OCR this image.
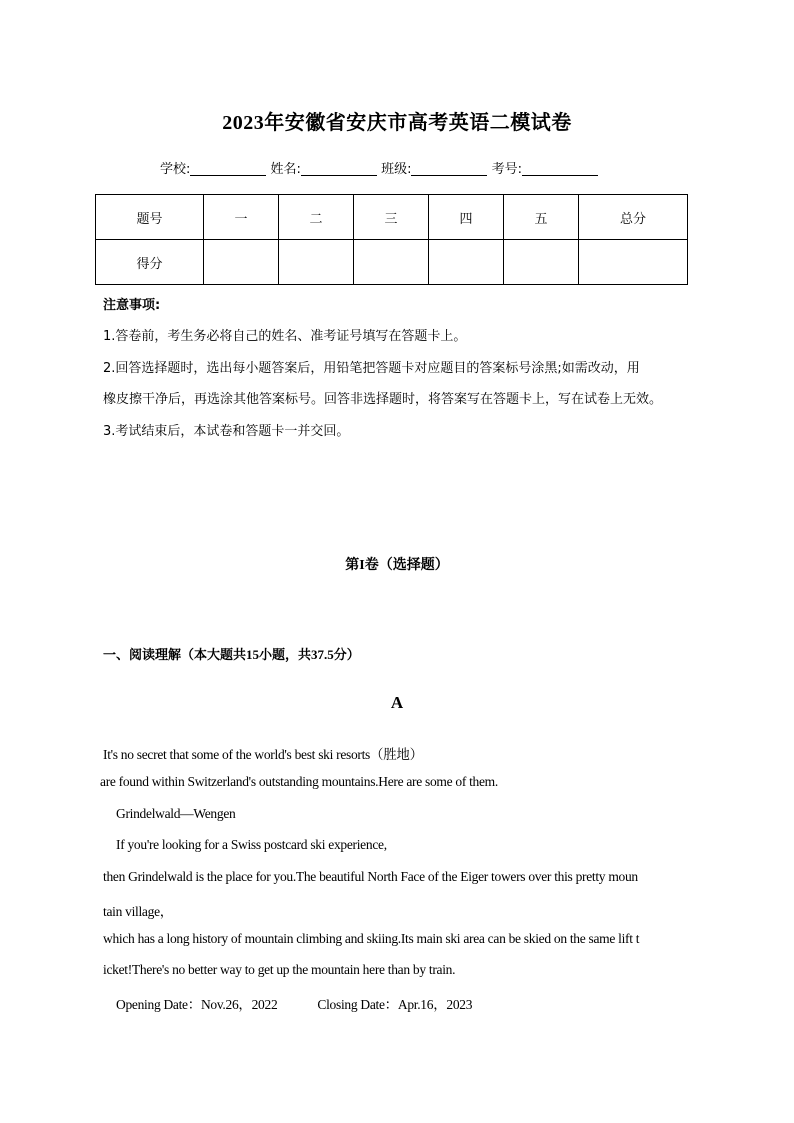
2023年安徽省安庆市高考英语二模试卷
学校:	姓名:	班级:	考号:
题号	一	二	三	四	五	总分
得分						
注意事项:
1.答卷前，考生务必将自己的姓名、准考证号填写在答题卡上。
2.回答选择题时，选出每小题答案后，用铅笔把答题卡对应题目的答案标号涂黑;如需改动，用
橡皮擦干净后，再选涂其他答案标号。回答非选择题时，将答案写在答题卡上，写在试卷上无效。
3.考试结束后，本试卷和答题卡一并交回。
第I卷（选择题）
一、阅读理解（本大题共15小题，共37.5分）
A
It's no secret that some of the world's best ski resorts（胜地）
are found within Switzerland's outstanding mountains.Here are some of them.
Grindelwald—Wengen
If you're looking for a Swiss postcard ski experience,
then Grindelwald is the place for you.The beautiful North Face of the Eiger towers over this pretty moun
tain village，
which has a long history of mountain climbing and skiing.Its main ski area can be skied on the same lift t
icket!There's no better way to get up the mountain here than by train.
Opening Date：Nov.26，2022	Closing Date：Apr.16，2023
